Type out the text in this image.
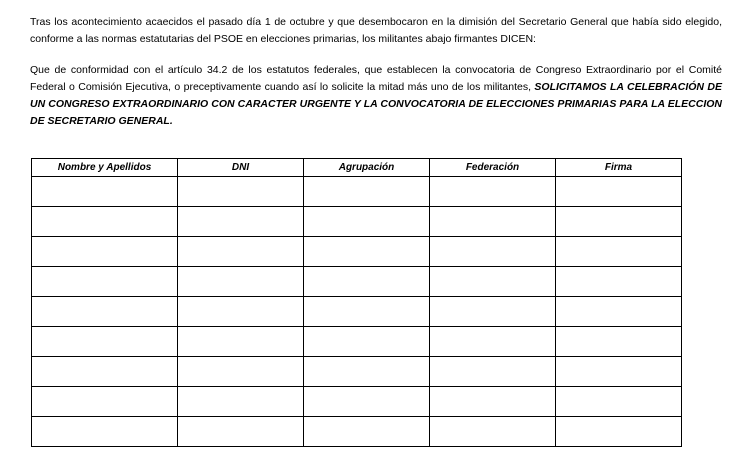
Tras los acontecimiento acaecidos el pasado día 1 de octubre y que desembocaron en la dimisión del Secretario General que había sido elegido, conforme a las normas estatutarias del PSOE en elecciones primarias, los militantes abajo firmantes DICEN:

Que de conformidad con el artículo 34.2 de los estatutos federales, que establecen la convocatoria de Congreso Extraordinario por el Comité Federal o Comisión Ejecutiva, o preceptivamente cuando así lo solicite la mitad más uno de los militantes, SOLICITAMOS LA CELEBRACIÓN DE UN CONGRESO EXTRAORDINARIO CON CARACTER URGENTE Y LA CONVOCATORIA DE ELECCIONES PRIMARIAS PARA LA ELECCION DE SECRETARIO GENERAL.

Nombre y Apellidos	DNI	Agrupación	Federación	Firma
